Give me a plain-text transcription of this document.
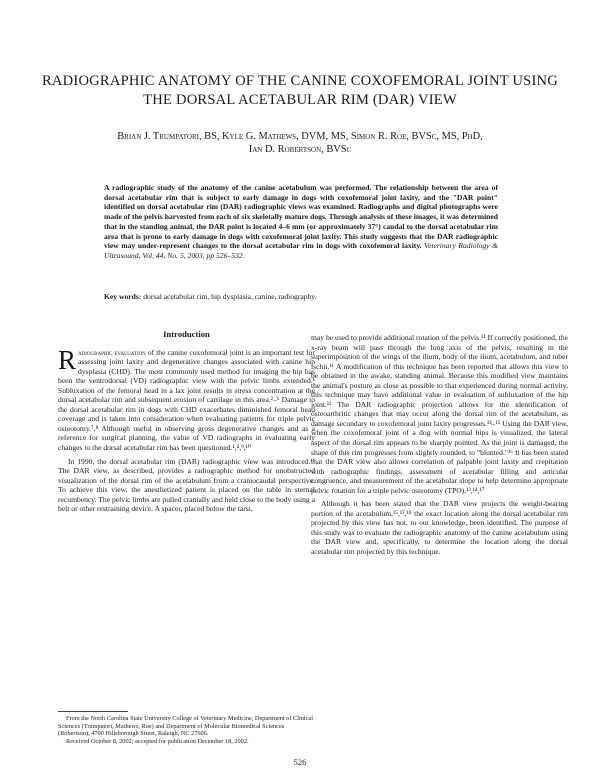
RADIOGRAPHIC ANATOMY OF THE CANINE COXOFEMORAL JOINT USING THE DORSAL ACETABULAR RIM (DAR) VIEW
Brian J. Trumpatori, BS, Kyle G. Mathews, DVM, MS, Simon R. Roe, BVSc, MS, PhD,
Ian D. Robertson, BVSc
A radiographic study of the anatomy of the canine acetabulum was performed. The relationship between the area of dorsal acetabular rim that is subject to early damage in dogs with coxofemoral joint laxity, and the "DAR point" identified on dorsal acetabular rim (DAR) radiographic views was examined. Radiographs and digital photographs were made of the pelvis harvested from each of six skeletally mature dogs. Through analysis of these images, it was determined that in the standing animal, the DAR point is located 4–6 mm (or approximately 37°) caudal to the dorsal acetabular rim area that is prone to early damage in dogs with coxofemoral joint laxity. This study suggests that the DAR radiographic view may under-represent changes to the dorsal acetabular rim in dogs with coxofemoral laxity. Veterinary Radiology & Ultrasound, Vol. 44, No. 5, 2003, pp 526–532.
Key words: dorsal acetabular rim, hip dysplasia, canine, radiography.
Introduction

Radiographic evaluation of the canine coxofemoral joint is an important test for assessing joint laxity and degenerative changes associated with canine hip dysplasia (CHD). The most commonly used method for imaging the hip has been the ventrodorsal (VD) radiographic view with the pelvic limbs extended.¹ Subluxation of the femoral head in a lax joint results in stress concentration at the dorsal acetabular rim and subsequent erosion of cartilage in this area.²–⁶ Damage to the dorsal acetabular rim in dogs with CHD exacerbates diminished femoral head coverage and is taken into consideration when evaluating patients for triple pelvic osteotomy.⁷,⁸ Although useful in observing gross degenerative changes and as a reference for surgical planning, the value of VD radiographs in evaluating early changes to the dorsal acetabular rim has been questioned.¹,⁴,⁹,¹⁰

In 1990, the dorsal acetabular rim (DAR) radiographic view was introduced.¹¹ The DAR view, as described, provides a radiographic method for unobstructed visualization of the dorsal rim of the acetabulum from a craniocaudal perspective. To achieve this view, the anesthetized patient is placed on the table in sternal recumbency. The pelvic limbs are pulled cranially and held close to the body using a belt or other restraining device. A spacer, placed below the tarsi,

may be used to provide additional rotation of the pelvis.¹¹ If correctly positioned, the x-ray beam will pass through the long axis of the pelvis, resulting in the superimposition of the wings of the ilium, body of the ilium, acetabulum, and tuber ischii.¹¹ A modification of this technique has been reported that allows this view to be obtained in the awake, standing animal. Because this modified view maintains the animal's posture as close as possible to that experienced during normal activity, this technique may have additional value in evaluation of subluxation of the hip joint.¹² The DAR radiographic projection allows for the identification of osteoarthritic changes that may occur along the dorsal rim of the acetabulum, as damage secondary to coxofemoral joint laxity progresses.¹³–¹⁵ Using the DAR view, when the coxofemoral joint of a dog with normal hips is visualized, the lateral aspect of the dorsal rim appears to be sharply pointed. As the joint is damaged, the shape of this rim progresses from slightly rounded, to "blunted."¹⁶ It has been stated that the DAR view also allows correlation of palpable joint laxity and crepitation with radiographic findings, assessment of acetabular filling and articular congruence, and measurement of the acetabular slope to help determine appropriate pelvic rotation for a triple pelvic osteotomy (TPO).¹³,¹⁴,¹⁷

Although it has been stated that the DAR view projects the weight-bearing portion of the acetabulum,¹⁵,¹⁷,¹⁸ the exact location along the dorsal acetabular rim projected by this view has not, to our knowledge, been identified. The purpose of this study was to evaluate the radiographic anatomy of the canine acetabulum using the DAR view and, specifically, to determine the location along the dorsal acetabular rim projected by this technique.

From the North Carolina State University College of Veterinary Medicine, Department of Clinical Sciences (Trumpatori, Mathews, Roe) and Department of Molecular Biomedical Sciences (Robertson), 4700 Hillsborough Street, Raleigh, NC 27606.

Received October 8, 2002; accepted for publication December 18, 2002.

526
